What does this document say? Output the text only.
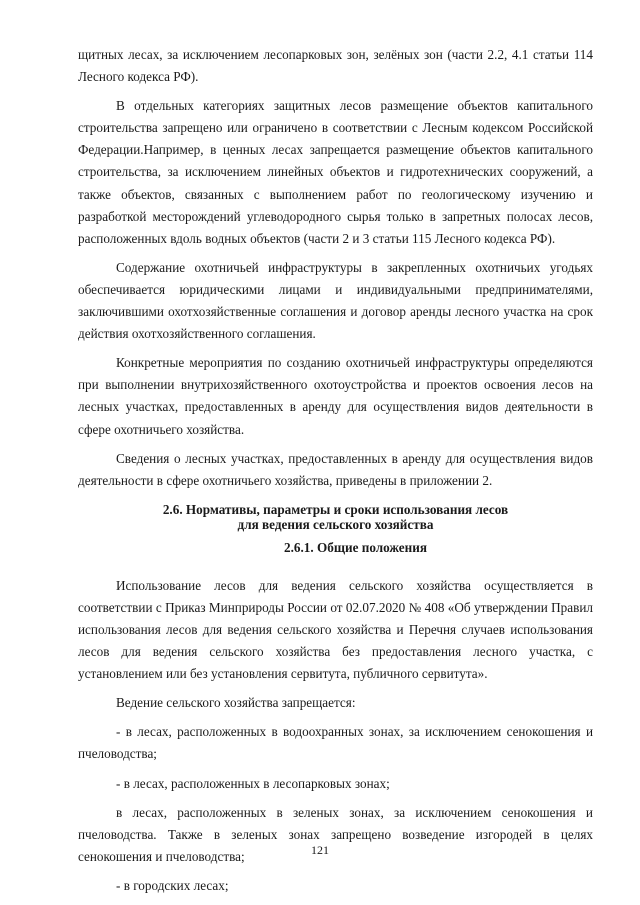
щитных лесах, за исключением лесопарковых зон, зелёных зон (части 2.2, 4.1 статьи 114 Лесного кодекса РФ).

В отдельных категориях защитных лесов размещение объектов капитального строительства запрещено или ограничено в соответствии с Лесным кодексом Российской Федерации.Например, в ценных лесах запрещается размещение объектов капитального строительства, за исключением линейных объектов и гидротехнических сооружений, а также объектов, связанных с выполнением работ по геологическому изучению и разработкой месторождений углеводородного сырья только в запретных полосах лесов, расположенных вдоль водных объектов (части 2 и 3 статьи 115 Лесного кодекса РФ).

Содержание охотничьей инфраструктуры в закрепленных охотничьих угодьях обеспечивается юридическими лицами и индивидуальными предпринимателями, заключившими охотхозяйственные соглашения и договор аренды лесного участка на срок действия охотхозяйственного соглашения.

Конкретные мероприятия по созданию охотничьей инфраструктуры определяются при выполнении внутрихозяйственного охотоустройства и проектов освоения лесов на лесных участках, предоставленных в аренду для осуществления видов деятельности в сфере охотничьего хозяйства.

Сведения о лесных участках, предоставленных в аренду для осуществления видов деятельности в сфере охотничьего хозяйства, приведены в приложении 2.

2.6. Нормативы, параметры и сроки использования лесов
для ведения сельского хозяйства

2.6.1. Общие положения

Использование лесов для ведения сельского хозяйства осуществляется в соответствии с Приказ Минприроды России от 02.07.2020 № 408 «Об утверждении Правил использования лесов для ведения сельского хозяйства и Перечня случаев использования лесов для ведения сельского хозяйства без предоставления лесного участка, с установлением или без установления сервитута, публичного сервитута».

Ведение сельского хозяйства запрещается:

- в лесах, расположенных в водоохранных зонах, за исключением сенокошения и пчеловодства;

- в лесах, расположенных в лесопарковых зонах;

в лесах, расположенных в зеленых зонах, за исключением сенокошения и пчеловодства. Также в зеленых зонах запрещено возведение изгородей в целях сенокошения и пчеловодства;

- в городских лесах;

121
